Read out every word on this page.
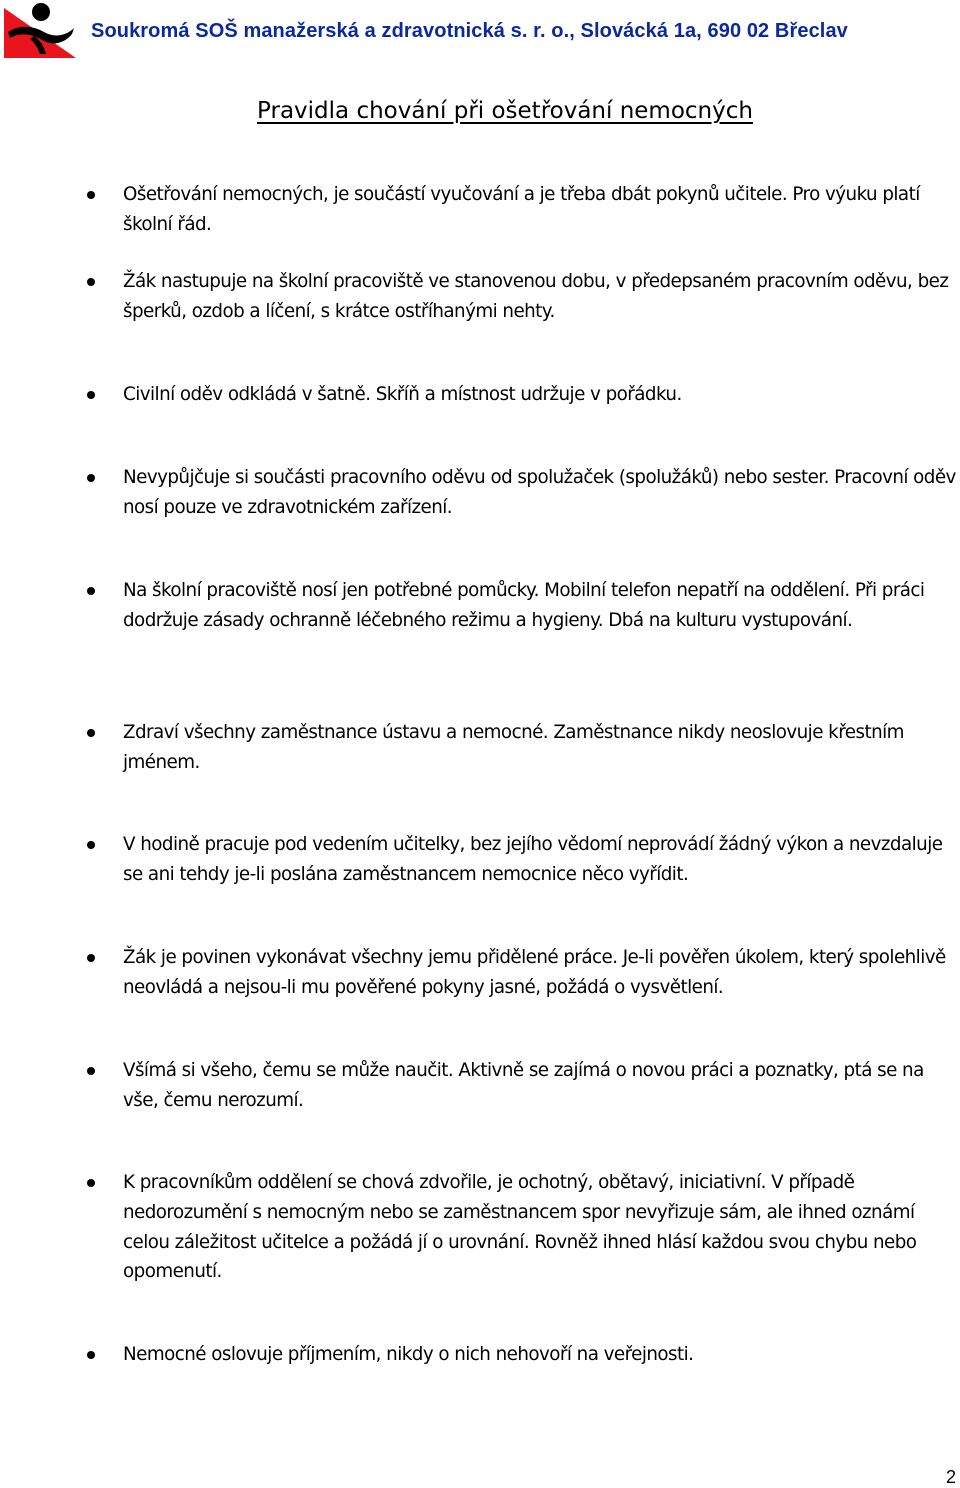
Soukromá SOŠ manažerská a zdravotnická s. r. o., Slovácká 1a, 690 02 Břeclav
Pravidla chování při ošetřování nemocných
Ošetřování nemocných, je součástí vyučování a je třeba dbát pokynů učitele. Pro výuku platí školní řád.
Žák nastupuje na školní pracoviště ve stanovenou dobu, v předepsaném pracovním oděvu, bez šperků, ozdob a líčení, s krátce ostříhanými nehty.
Civilní oděv odkládá v šatně. Skříň a místnost udržuje v pořádku.
Nevypůjčuje si součásti pracovního oděvu od spolužaček (spolužáků) nebo sester. Pracovní oděv nosí pouze ve zdravotnickém zařízení.
Na školní pracoviště nosí jen potřebné pomůcky. Mobilní telefon nepatří na oddělení. Při práci dodržuje zásady ochranně léčebného režimu a hygieny. Dbá na kulturu vystupování.
Zdraví všechny zaměstnance ústavu a nemocné. Zaměstnance nikdy neoslovuje křestním jménem.
V hodině pracuje pod vedením učitelky, bez jejího vědomí neprovádí žádný výkon a nevzdaluje se ani tehdy je-li poslána zaměstnancem nemocnice něco vyřídit.
Žák je povinen vykonávat všechny jemu přidělené práce. Je-li pověřen úkolem, který spolehlivě neovládá a nejsou-li mu pověřené pokyny jasné, požádá o vysvětlení.
Všímá si všeho, čemu se může naučit. Aktivně se zajímá o novou práci a poznatky, ptá se na vše, čemu nerozumí.
K pracovníkům oddělení se chová zdvořile, je ochotný, obětavý, iniciativní. V případě nedorozumění s nemocným nebo se zaměstnancem spor nevyřizuje sám, ale ihned oznámí celou záležitost učitelce a požádá jí o urovnání. Rovněž ihned hlásí každou svou chybu nebo opomenutí.
Nemocné oslovuje příjmením, nikdy o nich nehovoří na veřejnosti.
2
